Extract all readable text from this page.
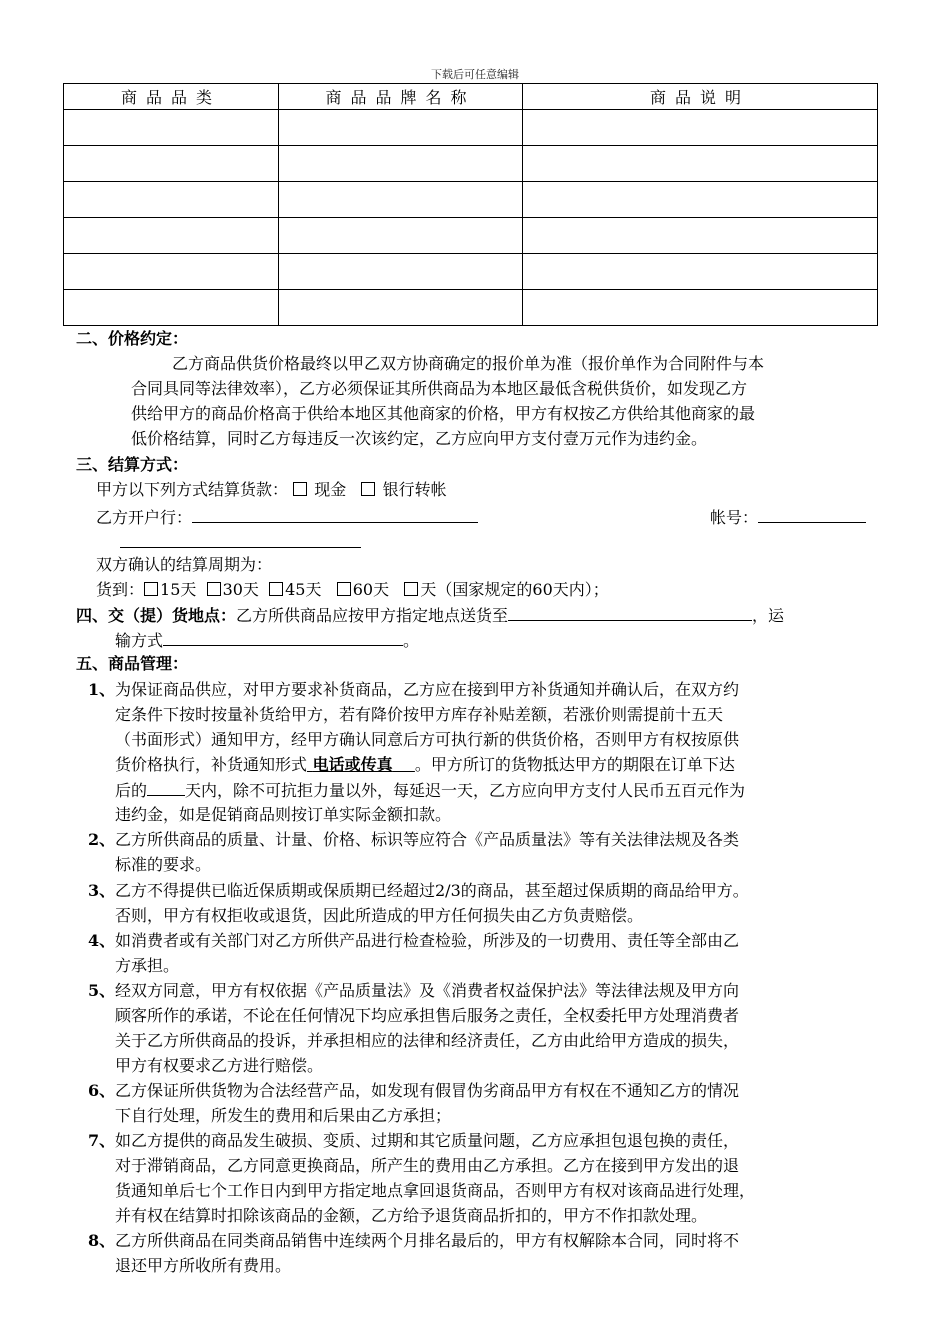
下载后可任意编辑
商品品类	商品品牌名称	商品说明

二、价格约定：
乙方商品供货价格最终以甲乙双方协商确定的报价单为准（报价单作为合同附件与本
合同具同等法律效率），乙方必须保证其所供商品为本地区最低含税供货价，如发现乙方
供给甲方的商品价格高于供给本地区其他商家的价格，甲方有权按乙方供给其他商家的最
低价格结算，同时乙方每违反一次该约定，乙方应向甲方支付壹万元作为违约金。
三、结算方式：
甲方以下列方式结算货款： 现金 银行转帐
乙方开户行：	帐号：
双方确认的结算周期为：
货到： 15天 30天 45天 60天 天（国家规定的60天内）；
四、交（提）货地点：乙方所供商品应按甲方指定地点送货至	，运
输方式	。
五、商品管理：
1、 为保证商品供应，对甲方要求补货商品，乙方应在接到甲方补货通知并确认后，在双方约
定条件下按时按量补货给甲方，若有降价按甲方库存补贴差额，若涨价则需提前十五天
（书面形式）通知甲方，经甲方确认同意后方可执行新的供货价格，否则甲方有权按原供
货价格执行，补货通知形式 电话或传真 。甲方所订的货物抵达甲方的期限在订单下达
后的 天内，除不可抗拒力量以外，每延迟一天，乙方应向甲方支付人民币五百元作为
违约金，如是促销商品则按订单实际金额扣款。
2、 乙方所供商品的质量、计量、价格、标识等应符合《产品质量法》等有关法律法规及各类
标准的要求。
3、 乙方不得提供已临近保质期或保质期已经超过2/3的商品，甚至超过保质期的商品给甲方。
否则，甲方有权拒收或退货，因此所造成的甲方任何损失由乙方负责赔偿。
4、 如消费者或有关部门对乙方所供产品进行检查检验，所涉及的一切费用、责任等全部由乙
方承担。
5、 经双方同意，甲方有权依据《产品质量法》及《消费者权益保护法》等法律法规及甲方向
顾客所作的承诺，不论在任何情况下均应承担售后服务之责任，全权委托甲方处理消费者
关于乙方所供商品的投诉，并承担相应的法律和经济责任，乙方由此给甲方造成的损失，
甲方有权要求乙方进行赔偿。
6、 乙方保证所供货物为合法经营产品，如发现有假冒伪劣商品甲方有权在不通知乙方的情况
下自行处理，所发生的费用和后果由乙方承担；
7、 如乙方提供的商品发生破损、变质、过期和其它质量问题，乙方应承担包退包换的责任，
对于滞销商品，乙方同意更换商品，所产生的费用由乙方承担。乙方在接到甲方发出的退
货通知单后七个工作日内到甲方指定地点拿回退货商品，否则甲方有权对该商品进行处理，
并有权在结算时扣除该商品的金额，乙方给予退货商品折扣的，甲方不作扣款处理。
8、 乙方所供商品在同类商品销售中连续两个月排名最后的，甲方有权解除本合同，同时将不
退还甲方所收所有费用。
